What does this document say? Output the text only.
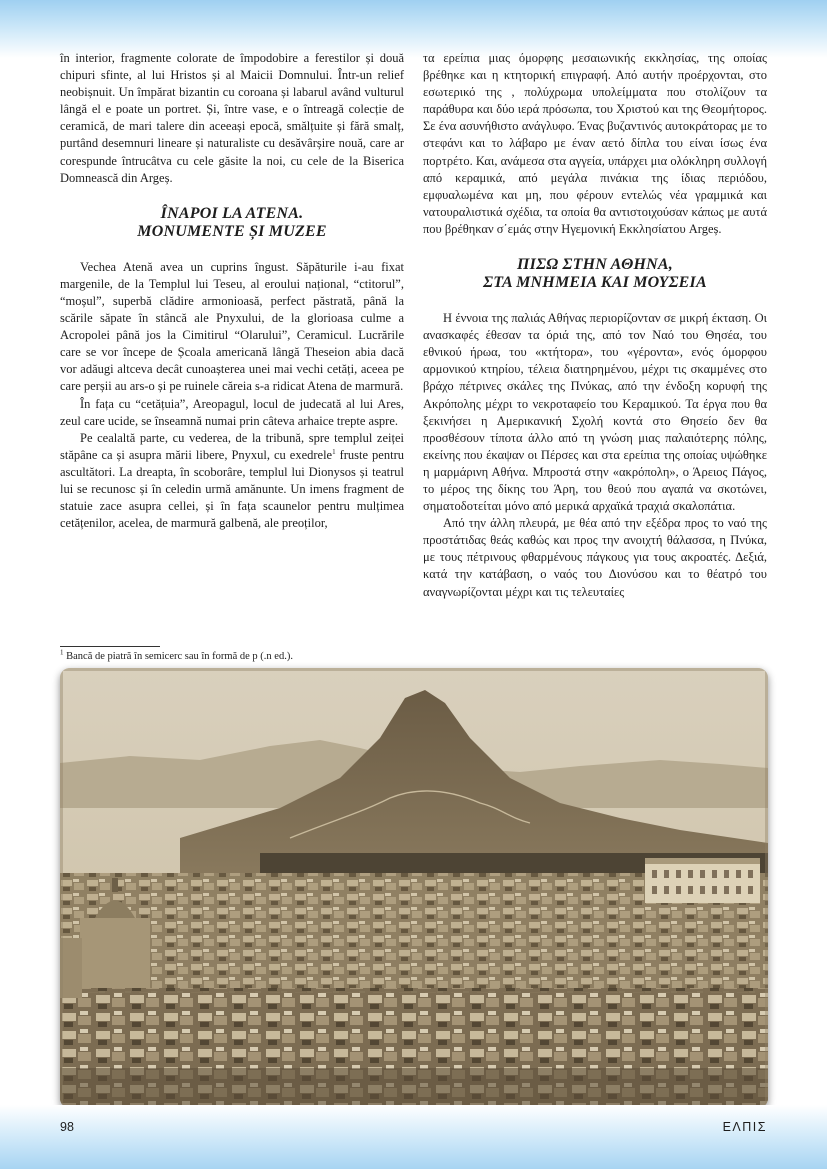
în interior, fragmente colorate de împodobire a ferestilor și două chipuri sfinte, al lui Hristos și al Maicii Domnului. Într-un relief neobișnuit. Un împărat bizantin cu coroana și labarul având vulturul lângă el e poate un portret. Și, între vase, e o întreagă colecție de ceramică, de mari talere din aceeași epocă, smălțuite și fără smalț, purtând desemnuri lineare și naturaliste cu desăvârșire nouă, care ar corespunde întrucâtva cu cele găsite la noi, cu cele de la Biserica Domnească din Argeș.

ÎNAPOI LA ATENA.

MONUMENTE ȘI MUZEE

Vechea Atenă avea un cuprins îngust. Săpăturile i-au fixat margenile, de la Templul lui Teseu, al eroului național, “ctitorul”, “moșul”, superbă clădire armonioasă, perfect păstrată, până la scările săpate în stâncă ale Pnyxului, de la glorioasa culme a Acropolei până jos la Cimitirul “Olarului”, Ceramicul. Lucrările care se vor începe de Școala americană lângă Theseion abia dacă vor adăugi altceva decât cunoașterea unei mai vechi cetăți, aceea pe care perșii au ars-o și pe ruinele căreia s-a ridicat Atena de marmură.

În fața cu “cetățuia”, Areopagul, locul de judecată al lui Ares, zeul care ucide, se înseamnă numai prin câteva arhaice trepte aspre.

Pe cealaltă parte, cu vederea, de la tribună, spre templul zeiței stăpâne ca și asupra mării libere, Pnyxul, cu exedrele$^1$ fruste pentru ascultători. La dreapta, în scoborâre, templul lui Dionysos și teatrul lui se recunosc și în celedin urmă amănunte. Un imens fragment de statuie zace asupra cellei, și în fața scaunelor pentru mulțimea cetățenilor, acelea, de marmură galbenă, ale preoților,

τα ερείπια μιας όμορφης μεσαιωνικής εκκλησίας, της οποίας βρέθηκε και η κτητορική επιγραφή. Από αυτήν προέρχονται, στο εσωτερικό της , πολύχρωμα υπολείμματα που στολίζουν τα παράθυρα και δύο ιερά πρόσωπα, του Χριστού και της Θεομήτορος. Σε ένα ασυνήθιστο ανάγλυφο. Ένας βυζαντινός αυτοκράτορας με το στεφάνι και το λάβαρο με έναν αετό δίπλα του είναι ίσως ένα πορτρέτο. Και, ανάμεσα στα αγγεία, υπάρχει μια ολόκληρη συλλογή από κεραμικά, από μεγάλα πινάκια της ίδιας περιόδου, εμφυαλωμένα και μη, που φέρουν εντελώς νέα γραμμικά και νατουραλιστικά σχέδια, τα οποία θα αντιστοιχούσαν κάπως με αυτά που βρέθηκαν σ΄εμάς στην Ηγεμονική Εκκλησίατου Argeș.

ΠΙΣΩ ΣΤΗΝ ΑΘΗΝΑ,

ΣΤΑ ΜΝΗΜΕΙΑ ΚΑΙ ΜΟΥΣΕΙΑ

Η έννοια της παλιάς Αθήνας περιορίζονταν σε μικρή έκταση. Οι ανασκαφές έθεσαν τα όριά της, από τον Ναό του Θησέα, του εθνικού ήρωα, του «κτήτορα», του «γέροντα», ενός όμορφου αρμονικού κτηρίου, τέλεια διατηρημένου, μέχρι τις σκαμμένες στο βράχο πέτρινες σκάλες της Πνύκας, από την ένδοξη κορυφή της Ακρόπολης μέχρι το νεκροταφείο του Κεραμικού. Τα έργα που θα ξεκινήσει η Αμερικανική Σχολή κοντά στο Θησείο δεν θα προσθέσουν τίποτα άλλο από τη γνώση μιας παλαιότερης πόλης, εκείνης που έκαψαν οι Πέρσες και στα ερείπια της οποίας υψώθηκε η μαρμάρινη Αθήνα. Μπροστά στην «ακρόπολη», ο Άρειος Πάγος, το μέρος της δίκης του Άρη, του θεού που αγαπά να σκοτώνει, σηματοδοτείται μόνο από μερικά αρχαϊκά τραχιά σκαλοπάτια.

Από την άλλη πλευρά, με θέα από την εξέδρα προς το ναό της προστάτιδας θεάς καθώς και προς την ανοιχτή θάλασσα, η Πνύκα, με τους πέτρινους φθαρμένους πάγκους για τους ακροατές. Δεξιά, κατά την κατάβαση, ο ναός του Διονύσου και το θέατρό του αναγνωρίζονται μέχρι και τις τελευταίες

$^1$ Bancă de piatră în semicerc sau în formă de p (.n ed.).
98	ΕΛΠΙΣ
